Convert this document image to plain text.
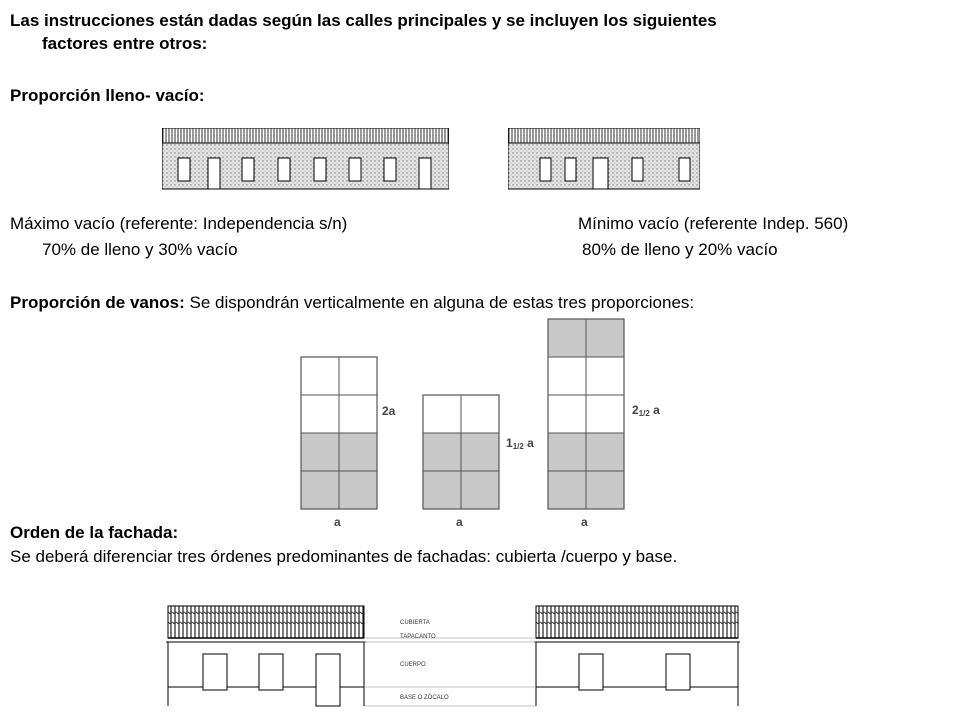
Las instrucciones están dadas según las calles principales y se incluyen los siguientes

factores entre otros:

Proporción lleno- vacío:

Máximo vacío (referente: Independencia s/n)

70% de lleno y 30% vacío

Mínimo vacío (referente Indep. 560)

80% de lleno y 20% vacío

Proporción de vanos: Se dispondrán verticalmente en alguna de estas tres proporciones:

2a
11/2 a
21/2 a
a	a	a

Orden de la fachada:

Se deberá diferenciar tres órdenes predominantes de fachadas: cubierta /cuerpo y base.

CUBIERTA
TAPACANTO
CUERPO
BASE O ZÓCALO
